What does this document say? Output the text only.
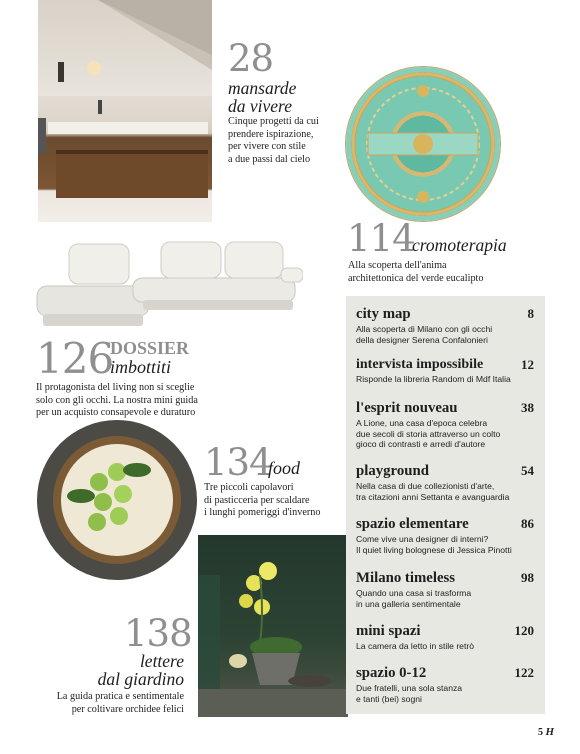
28
mansarde
da vivere
Cinque progetti da cui
prendere ispirazione,
per vivere con stile
a due passi dal cielo
114
cromoterapia
Alla scoperta dell'anima
architettonica del verde eucalipto
126
DOSSIER
imbottiti
Il protagonista del living non si sceglie
solo con gli occhi. La nostra mini guida
per un acquisto consapevole e duraturo
134
food
Tre piccoli capolavori
di pasticceria per scaldare
i lunghi pomeriggi d'inverno
138
lettere
dal giardino
La guida pratica e sentimentale
per coltivare orchidee felici
city map	8
Alla scoperta di Milano con gli occhi
della designer Serena Confalonieri
intervista impossibile	12
Risponde la libreria Random di Mdf Italia
l'esprit nouveau	38
A Lione, una casa d'epoca celebra
due secoli di storia attraverso un colto
gioco di contrasti e arredi d'autore
playground	54
Nella casa di due collezionisti d'arte,
tra citazioni anni Settanta e avanguardia
spazio elementare	86
Come vive una designer di interni?
Il quiet living bolognese di Jessica Pinotti
Milano timeless	98
Quando una casa si trasforma
in una galleria sentimentale
mini spazi	120
La camera da letto in stile retrò
spazio 0-12	122
Due fratelli, una sola stanza
e tanti (bei) sogni
5 H
